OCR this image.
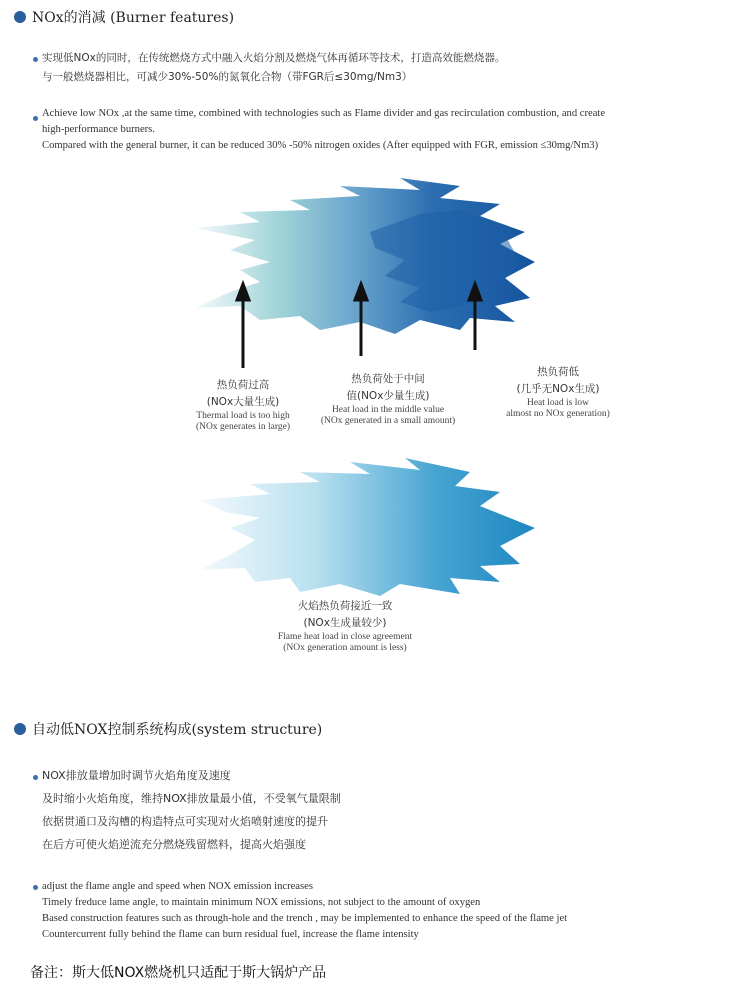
NOx的消减 (Burner features)
实现低NOx的同时，在传统燃烧方式中融入火焰分割及燃烧气体再循环等技术，打造高效能燃烧器。
与一般燃烧器相比，可减少30%-50%的氮氧化合物（带FGR后≤30mg/Nm3）
Achieve low NOx ,at the same time, combined with technologies such as Flame divider and gas recirculation combustion, and create
high-performance burners.
Compared with the general burner, it can be reduced 30% -50% nitrogen oxides (After equipped with FGR, emission ≤30mg/Nm3)
热负荷过高
(NOx大量生成)
Thermal load is too high
(NOx generates in large)
热负荷处于中间
值(NOx少量生成)
Heat load in the middle value
(NOx generated in a small amount)
热负荷低
(几乎无NOx生成)
Heat load is low
almost no NOx generation)
火焰热负荷接近一致
(NOx生成量较少)
Flame heat load in close agreement
(NOx generation amount is less)
自动低NOX控制系统构成(system structure)
NOX排放量增加时调节火焰角度及速度
及时缩小火焰角度，维持NOX排放量最小值，不受氧气量限制
依据贯通口及沟槽的构造特点可实现对火焰喷射速度的提升
在后方可使火焰逆流充分燃烧残留燃料，提高火焰强度
adjust the flame angle and speed when NOX emission increases
Timely freduce lame angle, to maintain minimum NOX emissions, not subject to the amount of oxygen
Based construction features such as through-hole and the trench , may be implemented to enhance the speed of the flame jet
Countercurrent fully behind the flame can burn residual fuel, increase the flame intensity
备注：斯大低NOX燃烧机只适配于斯大锅炉产品
